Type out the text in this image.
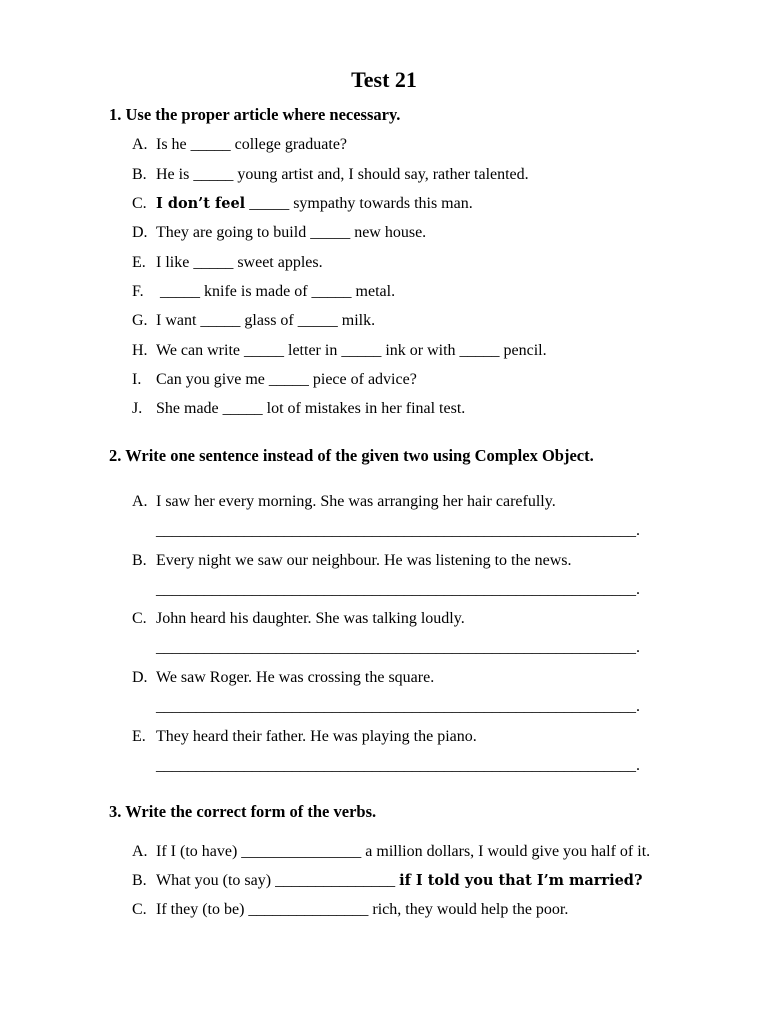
Test 21
1. Use the proper article where necessary.
A. Is he _____ college graduate?
B. He is _____ young artist and, I should say, rather talented.
C. I don’t feel _____ sympathy towards this man.
D. They are going to build _____ new house.
E. I like _____ sweet apples.
F. _____ knife is made of _____ metal.
G. I want _____ glass of _____ milk.
H. We can write _____ letter in _____ ink or with _____ pencil.
I. Can you give me _____ piece of advice?
J. She made _____ lot of mistakes in her final test.
2. Write one sentence instead of the given two using Complex Object.
A. I saw her every morning. She was arranging her hair carefully.
____________________________________________________________.
B. Every night we saw our neighbour. He was listening to the news.
____________________________________________________________.
C. John heard his daughter. She was talking loudly.
____________________________________________________________.
D. We saw Roger. He was crossing the square.
____________________________________________________________.
E. They heard their father. He was playing the piano.
____________________________________________________________.
3. Write the correct form of the verbs.
A. If I (to have) _______________ a million dollars, I would give you half of it.
B. What you (to say) _______________ if I told you that I’m married?
C. If they (to be) _______________ rich, they would help the poor.
